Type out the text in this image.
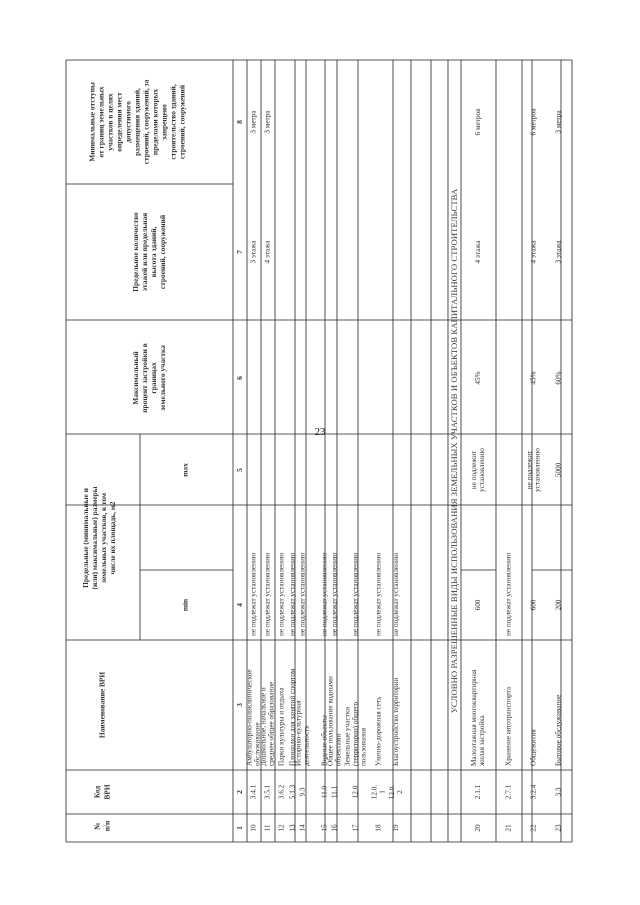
23
№ п/п
Код ВРИ
Наименование ВРИ
Предельные (минимальные и (или) максимальные) размеры земельных участков, в том числе их площадь, м2
min
max
Максимальный процент застройки в границах земельного участка
Предельное количество этажей или предельная высота зданий, строений, сооружений
Минимальные отступы от границ земельных участков в целях определения мест допустимого размещения зданий, строений, сооружений, за пределами которых запрещено строительство зданий, строений, сооружений
1
2
3
4
5
6
7
8
10
3.4.1
Амбулаторно-поликлиническое обслуживание
не подлежат установлению
3 этажа
3 метра
11
3.5.1
Дошкольное, начальное и среднее общее образование
не подлежат установлению
4 этажа
3 метра
12
3.6.2
Парки культуры и отдыха
не подлежат установлению
13
5.1.3
Площадки для занятий спортом
не подлежат установлению
14
9.3
Историко-культурная деятельность
не подлежат установлению
15
11.0
Водные объекты
не подлежат установлению
16
11.1
Общее пользование водными объектами
не подлежат установлению
17
12.0
Земельные участки (территории) общего пользования
не подлежат установлению
18
12.0. 1
Улично-дорожная сеть
не подлежат установлению
19
12.0. 2
Благоустройство территории
не подлежат установлению	УСЛОВНО РАЗРЕШЕННЫЕ ВИДЫ ИСПОЛЬЗОВАНИЯ ЗЕМЕЛЬНЫХ УЧАСТКОВ И ОБЪЕКТОВ КАПИТАЛЬНОГО СТРОИТЕЛЬСТВА
20
2.1.1
Малоэтажная многоквартирная жилая застройка
600
не подлежит установлению
45%
4 этажа
6 метров
21
2.7.1
Хранение автотранспорта
не подлежат установлению
22
3.2.4
Общежития
600
не подлежит установлению
45%
4 этажа
6 метров
23
3.3
Бытовое обслуживание
200
5000
60%
3 этажа
3 метра
